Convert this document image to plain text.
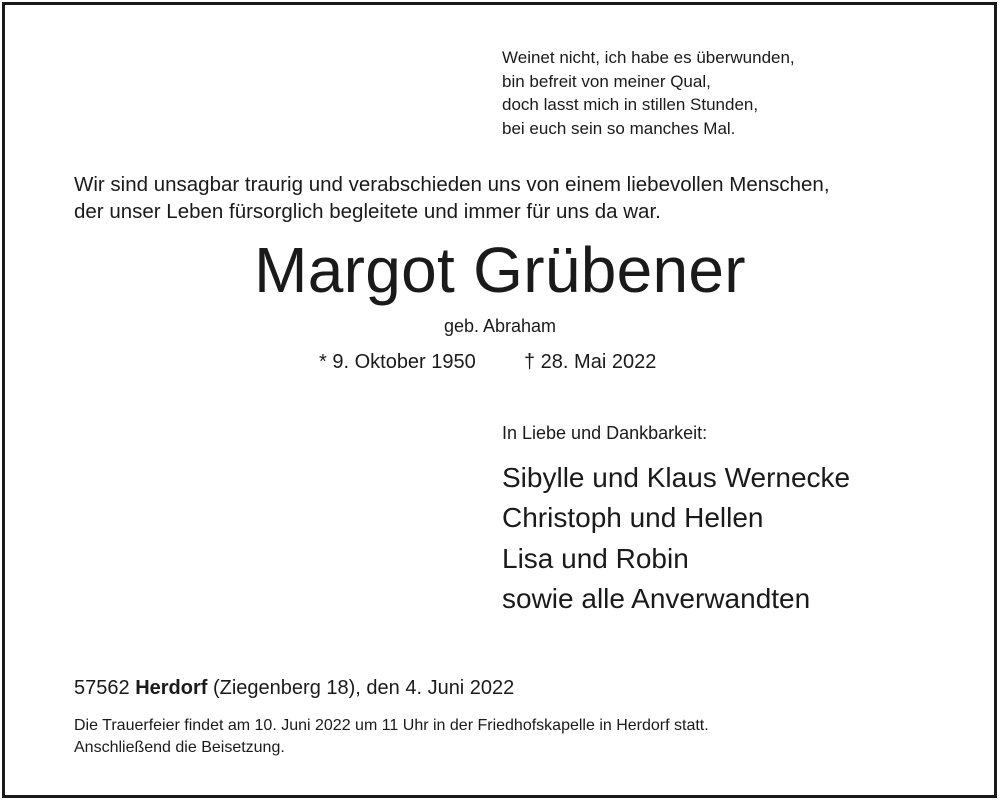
Weinet nicht, ich habe es überwunden,
bin befreit von meiner Qual,
doch lasst mich in stillen Stunden,
bei euch sein so manches Mal.
Wir sind unsagbar traurig und verabschieden uns von einem liebevollen Menschen,
der unser Leben fürsorglich begleitete und immer für uns da war.
Margot Grübener
geb. Abraham
* 9. Oktober 1950 † 28. Mai 2022
In Liebe und Dankbarkeit:
Sibylle und Klaus Wernecke
Christoph und Hellen
Lisa und Robin
sowie alle Anverwandten
57562 Herdorf (Ziegenberg 18), den 4. Juni 2022
Die Trauerfeier findet am 10. Juni 2022 um 11 Uhr in der Friedhofskapelle in Herdorf statt.
Anschließend die Beisetzung.
